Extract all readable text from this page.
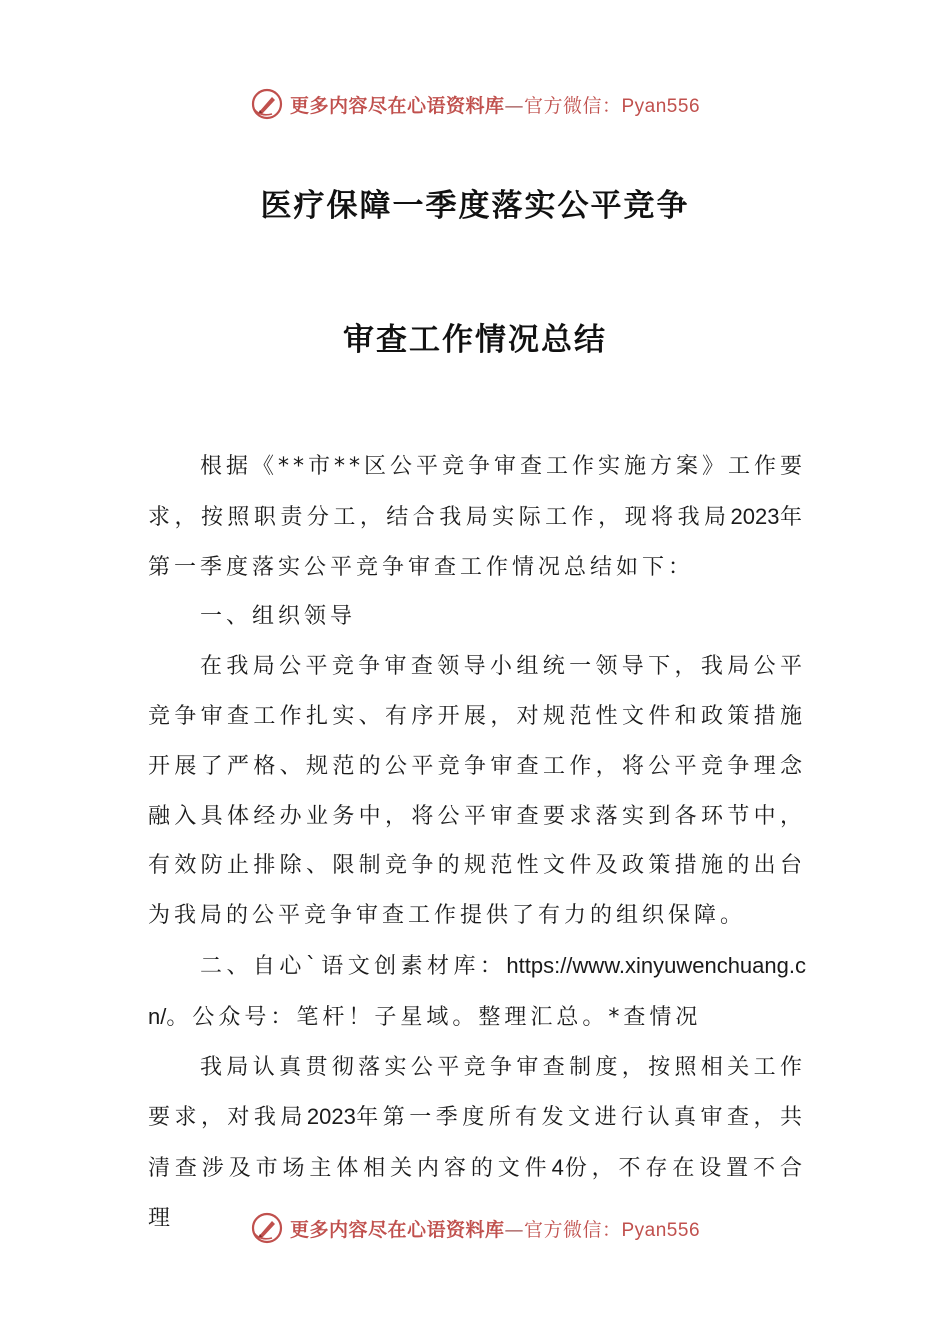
更多内容尽在心语资料库—官方微信：Pyan556
医疗保障一季度落实公平竞争
审查工作情况总结

根据《**市**区公平竞争审查工作实施方案》工作要求，按照职责分工，结合我局实际工作，现将我局2023年第一季度落实公平竞争审查工作情况总结如下：

一、组织领导

在我局公平竞争审查领导小组统一领导下，我局公平竞争审查工作扎实、有序开展，对规范性文件和政策措施开展了严格、规范的公平竞争审查工作，将公平竞争理念融入具体经办业务中，将公平审查要求落实到各环节中，有效防止排除、限制竞争的规范性文件及政策措施的出台为我局的公平竞争审查工作提供了有力的组织保障。

二、自心`语文创素材库：https://www.xinyuwenchuang.cn/。公众号：笔杆！子星域。整理汇总。*查情况

我局认真贯彻落实公平竞争审查制度，按照相关工作要求，对我局2023年第一季度所有发文进行认真审查，共清查涉及市场主体相关内容的文件4份，不存在设置不合理	更多内容尽在心语资料库—官方微信：Pyan556
